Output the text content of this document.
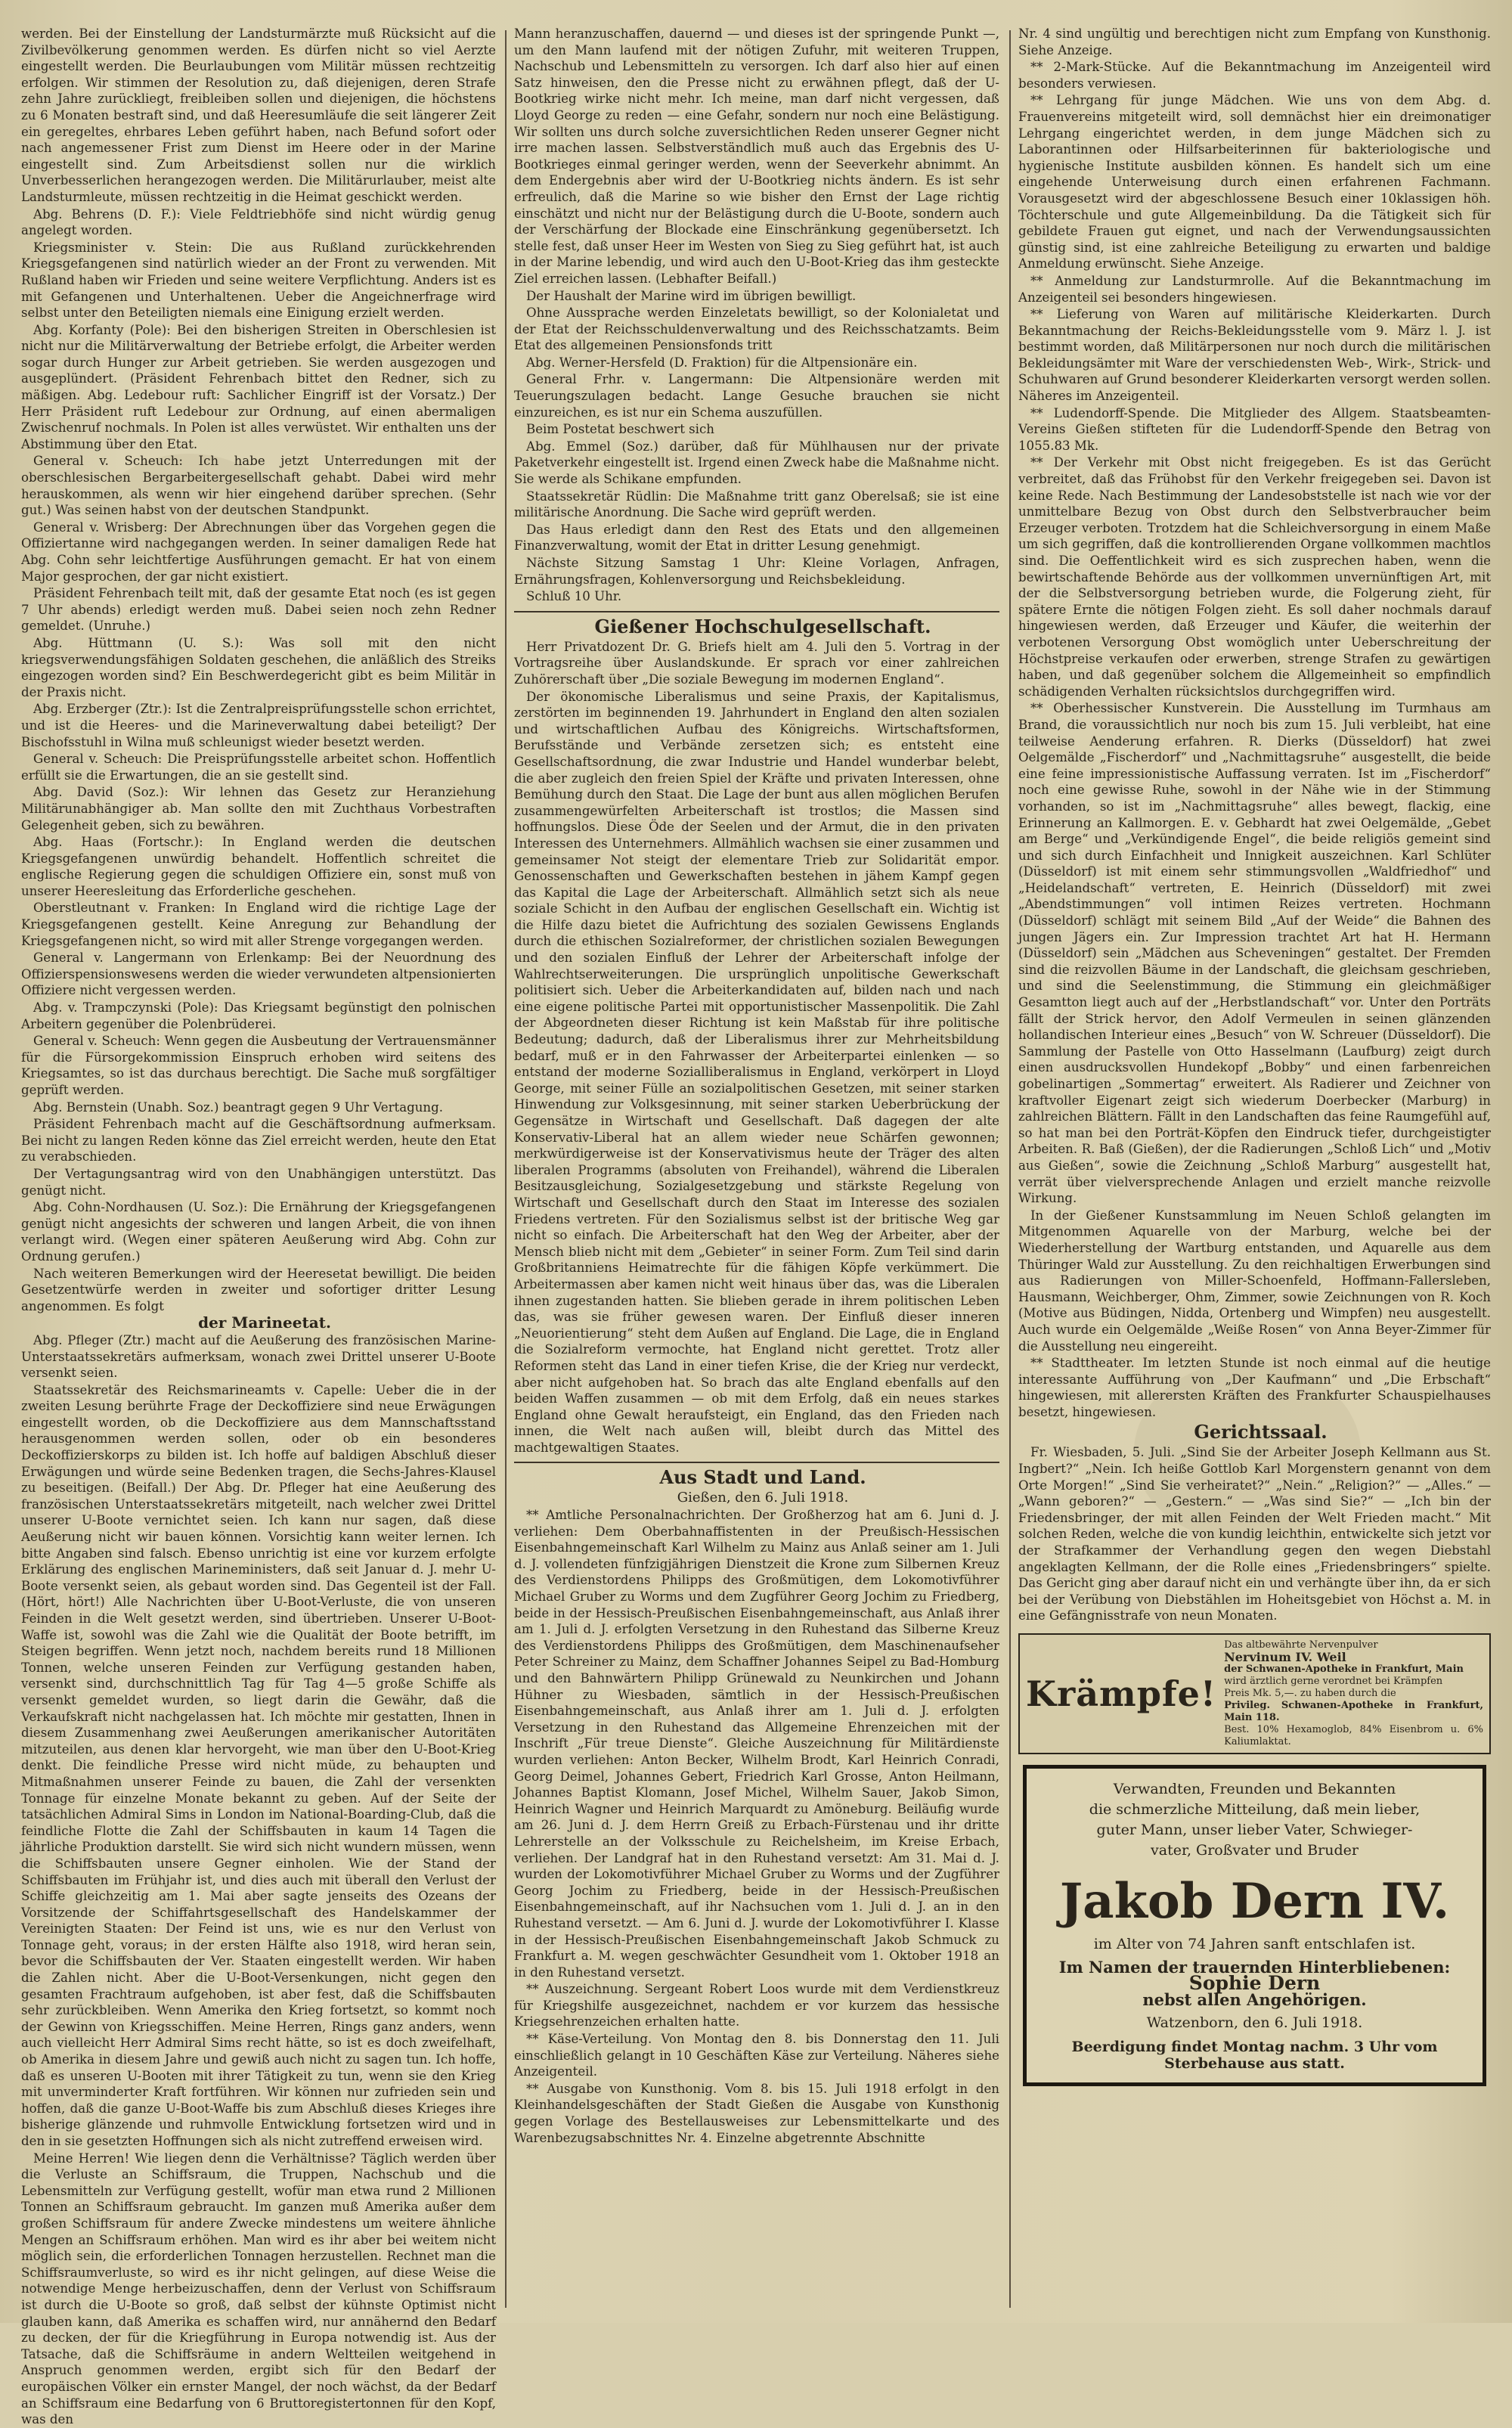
werden. Bei der Einstellung der Landsturmärzte muß Rücksicht auf die Zivilbevölkerung genommen werden. Es dürfen nicht so viel Aerzte eingestellt werden. Die Beurlaubungen vom Militär müssen rechtzeitig erfolgen. Wir stimmen der Resolution zu, daß diejenigen, deren Strafe zehn Jahre zurückliegt, freibleiben sollen und diejenigen, die höchstens zu 6 Monaten bestraft sind, und daß Heeresumläufe die seit längerer Zeit ein geregeltes, ehrbares Leben geführt haben, nach Befund sofort oder nach angemessener Frist zum Dienst im Heere oder in der Marine eingestellt sind. Zum Arbeitsdienst sollen nur die wirklich Unverbesserlichen herangezogen werden. Die Militärurlauber, meist alte Landsturmleute, müssen rechtzeitig in die Heimat geschickt werden.

Abg. Behrens (D. F.): Viele Feldtriebhöfe sind nicht würdig genug angelegt worden.

Kriegsminister v. Stein: Die aus Rußland zurückkehrenden Kriegsgefangenen sind natürlich wieder an der Front zu verwenden. Mit Rußland haben wir Frieden und seine weitere Verpflichtung. Anders ist es mit Gefangenen und Unterhaltenen. Ueber die Angeichnerfrage wird selbst unter den Beteiligten niemals eine Einigung erzielt werden.

Abg. Korfanty (Pole): Bei den bisherigen Streiten in Oberschlesien ist nicht nur die Militärverwaltung der Betriebe erfolgt, die Arbeiter werden sogar durch Hunger zur Arbeit getrieben. Sie werden ausgezogen und ausgeplündert. (Präsident Fehrenbach bittet den Redner, sich zu mäßigen. Abg. Ledebour ruft: Sachlicher Eingriff ist der Vorsatz.) Der Herr Präsident ruft Ledebour zur Ordnung, auf einen abermaligen Zwischenruf nochmals. In Polen ist alles verwüstet. Wir enthalten uns der Abstimmung über den Etat.

General v. Scheuch: Ich habe jetzt Unterredungen mit der oberschlesischen Bergarbeitergesellschaft gehabt. Dabei wird mehr herauskommen, als wenn wir hier eingehend darüber sprechen. (Sehr gut.) Was seinen habst von der deutschen Standpunkt.

General v. Wrisberg: Der Abrechnungen über das Vorgehen gegen die Offiziertanne wird nachgegangen werden. In seiner damaligen Rede hat Abg. Cohn sehr leichtfertige Ausführungen gemacht. Er hat von einem Major gesprochen, der gar nicht existiert.

Präsident Fehrenbach teilt mit, daß der gesamte Etat noch (es ist gegen 7 Uhr abends) erledigt werden muß. Dabei seien noch zehn Redner gemeldet. (Unruhe.)

Abg. Hüttmann (U. S.): Was soll mit den nicht kriegsverwendungsfähigen Soldaten geschehen, die anläßlich des Streiks eingezogen worden sind? Ein Beschwerdegericht gibt es beim Militär in der Praxis nicht.

Abg. Erzberger (Ztr.): Ist die Zentralpreisprüfungsstelle schon errichtet, und ist die Heeres- und die Marineverwaltung dabei beteiligt? Der Bischofsstuhl in Wilna muß schleunigst wieder besetzt werden.

General v. Scheuch: Die Preisprüfungsstelle arbeitet schon. Hoffentlich erfüllt sie die Erwartungen, die an sie gestellt sind.

Abg. David (Soz.): Wir lehnen das Gesetz zur Heranziehung Militärunabhängiger ab. Man sollte den mit Zuchthaus Vorbestraften Gelegenheit geben, sich zu bewähren.

Abg. Haas (Fortschr.): In England werden die deutschen Kriegsgefangenen unwürdig behandelt. Hoffentlich schreitet die englische Regierung gegen die schuldigen Offiziere ein, sonst muß von unserer Heeresleitung das Erforderliche geschehen.

Oberstleutnant v. Franken: In England wird die richtige Lage der Kriegsgefangenen gestellt. Keine Anregung zur Behandlung der Kriegsgefangenen nicht, so wird mit aller Strenge vorgegangen werden.

General v. Langermann von Erlenkamp: Bei der Neuordnung des Offizierspensionswesens werden die wieder verwundeten altpensionierten Offiziere nicht vergessen werden.

Abg. v. Trampczynski (Pole): Das Kriegsamt begünstigt den polnischen Arbeitern gegenüber die Polenbrüderei.

General v. Scheuch: Wenn gegen die Ausbeutung der Vertrauensmänner für die Fürsorgekommission Einspruch erhoben wird seitens des Kriegsamtes, so ist das durchaus berechtigt. Die Sache muß sorgfältiger geprüft werden.

Abg. Bernstein (Unabh. Soz.) beantragt gegen 9 Uhr Vertagung.

Präsident Fehrenbach macht auf die Geschäftsordnung aufmerksam. Bei nicht zu langen Reden könne das Ziel erreicht werden, heute den Etat zu verabschieden.

Der Vertagungsantrag wird von den Unabhängigen unterstützt. Das genügt nicht.

Abg. Cohn-Nordhausen (U. Soz.): Die Ernährung der Kriegsgefangenen genügt nicht angesichts der schweren und langen Arbeit, die von ihnen verlangt wird. (Wegen einer späteren Aeußerung wird Abg. Cohn zur Ordnung gerufen.)

Nach weiteren Bemerkungen wird der Heeresetat bewilligt. Die beiden Gesetzentwürfe werden in zweiter und sofortiger dritter Lesung angenommen. Es folgt

der Marineetat.

Abg. Pfleger (Ztr.) macht auf die Aeußerung des französischen Marine-Unterstaatssekretärs aufmerksam, wonach zwei Drittel unserer U-Boote versenkt seien.

Staatssekretär des Reichsmarineamts v. Capelle: Ueber die in der zweiten Lesung berührte Frage der Deckoffiziere sind neue Erwägungen eingestellt worden, ob die Deckoffiziere aus dem Mannschaftsstand herausgenommen werden sollen, oder ob ein besonderes Deckoffizierskorps zu bilden ist. Ich hoffe auf baldigen Abschluß dieser Erwägungen und würde seine Bedenken tragen, die Sechs-Jahres-Klausel zu beseitigen. (Beifall.) Der Abg. Dr. Pfleger hat eine Aeußerung des französischen Unterstaatssekretärs mitgeteilt, nach welcher zwei Drittel unserer U-Boote vernichtet seien. Ich kann nur sagen, daß diese Aeußerung nicht wir bauen können. Vorsichtig kann weiter lernen. Ich bitte Angaben sind falsch. Ebenso unrichtig ist eine vor kurzem erfolgte Erklärung des englischen Marineministers, daß seit Januar d. J. mehr U-Boote versenkt seien, als gebaut worden sind. Das Gegenteil ist der Fall. (Hört, hört!) Alle Nachrichten über U-Boot-Verluste, die von unseren Feinden in die Welt gesetzt werden, sind übertrieben. Unserer U-Boot-Waffe ist, sowohl was die Zahl wie die Qualität der Boote betrifft, im Steigen begriffen. Wenn jetzt noch, nachdem bereits rund 18 Millionen Tonnen, welche unseren Feinden zur Verfügung gestanden haben, versenkt sind, durchschnittlich Tag für Tag 4—5 große Schiffe als versenkt gemeldet wurden, so liegt darin die Gewähr, daß die Verkaufskraft nicht nachgelassen hat. Ich möchte mir gestatten, Ihnen in diesem Zusammenhang zwei Aeußerungen amerikanischer Autoritäten mitzuteilen, aus denen klar hervorgeht, wie man über den U-Boot-Krieg denkt. Die feindliche Presse wird nicht müde, zu behaupten und Mitmaßnahmen unserer Feinde zu bauen, die Zahl der versenkten Tonnage für einzelne Monate bekannt zu geben. Auf der Seite der tatsächlichen Admiral Sims in London im National-Boarding-Club, daß die feindliche Flotte die Zahl der Schiffsbauten in kaum 14 Tagen die jährliche Produktion darstellt. Sie wird sich nicht wundern müssen, wenn die Schiffsbauten unsere Gegner einholen. Wie der Stand der Schiffsbauten im Frühjahr ist, und dies auch mit überall den Verlust der Schiffe gleichzeitig am 1. Mai aber sagte jenseits des Ozeans der Vorsitzende der Schiffahrtsgesellschaft des Handelskammer der Vereinigten Staaten: Der Feind ist uns, wie es nur den Verlust von Tonnage geht, voraus; in der ersten Hälfte also 1918, wird heran sein, bevor die Schiffsbauten der Ver. Staaten eingestellt werden. Wir haben die Zahlen nicht. Aber die U-Boot-Versenkungen, nicht gegen den gesamten Frachtraum aufgehoben, ist aber fest, daß die Schiffsbauten sehr zurückbleiben. Wenn Amerika den Krieg fortsetzt, so kommt noch der Gewinn von Kriegsschiffen. Meine Herren, Rings ganz anders, wenn auch vielleicht Herr Admiral Sims recht hätte, so ist es doch zweifelhaft, ob Amerika in diesem Jahre und gewiß auch nicht zu sagen tun. Ich hoffe, daß es unseren U-Booten mit ihrer Tätigkeit zu tun, wenn sie den Krieg mit unverminderter Kraft fortführen. Wir können nur zufrieden sein und hoffen, daß die ganze U-Boot-Waffe bis zum Abschluß dieses Krieges ihre bisherige glänzende und ruhmvolle Entwicklung fortsetzen wird und in den in sie gesetzten Hoffnungen sich als nicht zutreffend erweisen wird.

Meine Herren! Wie liegen denn die Verhältnisse? Täglich werden über die Verluste an Schiffsraum, die Truppen, Nachschub und die Lebensmitteln zur Verfügung gestellt, wofür man etwa rund 2 Millionen Tonnen an Schiffsraum gebraucht. Im ganzen muß Amerika außer dem großen Schiffsraum für andere Zwecke mindestens um weitere ähnliche Mengen an Schiffsraum erhöhen. Man wird es ihr aber bei weitem nicht möglich sein, die erforderlichen Tonnagen herzustellen. Rechnet man die Schiffsraumverluste, so wird es ihr nicht gelingen, auf diese Weise die notwendige Menge herbeizuschaffen, denn der Verlust von Schiffsraum ist durch die U-Boote so groß, daß selbst der kühnste Optimist nicht glauben kann, daß Amerika es schaffen wird, nur annähernd den Bedarf zu decken, der für die Kriegführung in Europa notwendig ist. Aus der Tatsache, daß die Schiffsräume in andern Weltteilen weitgehend in Anspruch genommen werden, ergibt sich für den Bedarf der europäischen Völker ein ernster Mangel, der noch wächst, da der Bedarf an Schiffsraum eine Bedarfung von 6 Bruttoregistertonnen für den Kopf, was den

Mann heranzuschaffen, dauernd — und dieses ist der springende Punkt —, um den Mann laufend mit der nötigen Zufuhr, mit weiteren Truppen, Nachschub und Lebensmitteln zu versorgen. Ich darf also hier auf einen Satz hinweisen, den die Presse nicht zu erwähnen pflegt, daß der U-Bootkrieg wirke nicht mehr. Ich meine, man darf nicht vergessen, daß Lloyd George zu reden — eine Gefahr, sondern nur noch eine Belästigung. Wir sollten uns durch solche zuversichtlichen Reden unserer Gegner nicht irre machen lassen. Selbstverständlich muß auch das Ergebnis des U-Bootkrieges einmal geringer werden, wenn der Seeverkehr abnimmt. An dem Endergebnis aber wird der U-Bootkrieg nichts ändern. Es ist sehr erfreulich, daß die Marine so wie bisher den Ernst der Lage richtig einschätzt und nicht nur der Belästigung durch die U-Boote, sondern auch der Verschärfung der Blockade eine Einschränkung gegenübersetzt. Ich stelle fest, daß unser Heer im Westen von Sieg zu Sieg geführt hat, ist auch in der Marine lebendig, und wird auch den U-Boot-Krieg das ihm gesteckte Ziel erreichen lassen. (Lebhafter Beifall.)

Der Haushalt der Marine wird im übrigen bewilligt.

Ohne Aussprache werden Einzeletats bewilligt, so der Kolonialetat und der Etat der Reichsschuldenverwaltung und des Reichsschatzamts. Beim Etat des allgemeinen Pensionsfonds tritt

Abg. Werner-Hersfeld (D. Fraktion) für die Altpensionäre ein.

General Frhr. v. Langermann: Die Altpensionäre werden mit Teuerungszulagen bedacht. Lange Gesuche brauchen sie nicht einzureichen, es ist nur ein Schema auszufüllen.

Beim Postetat beschwert sich

Abg. Emmel (Soz.) darüber, daß für Mühlhausen nur der private Paketverkehr eingestellt ist. Irgend einen Zweck habe die Maßnahme nicht. Sie werde als Schikane empfunden.

Staatssekretär Rüdlin: Die Maßnahme tritt ganz Oberelsaß; sie ist eine militärische Anordnung. Die Sache wird geprüft werden.

Das Haus erledigt dann den Rest des Etats und den allgemeinen Finanzverwaltung, womit der Etat in dritter Lesung genehmigt.

Nächste Sitzung Samstag 1 Uhr: Kleine Vorlagen, Anfragen, Ernährungsfragen, Kohlenversorgung und Reichsbekleidung.

Schluß 10 Uhr.

Gießener Hochschulgesellschaft.

Herr Privatdozent Dr. G. Briefs hielt am 4. Juli den 5. Vortrag in der Vortragsreihe über Auslandskunde. Er sprach vor einer zahlreichen Zuhörerschaft über „Die soziale Bewegung im modernen England“.

Der ökonomische Liberalismus und seine Praxis, der Kapitalismus, zerstörten im beginnenden 19. Jahrhundert in England den alten sozialen und wirtschaftlichen Aufbau des Königreichs. Wirtschaftsformen, Berufsstände und Verbände zersetzen sich; es entsteht eine Gesellschaftsordnung, die zwar Industrie und Handel wunderbar belebt, die aber zugleich den freien Spiel der Kräfte und privaten Interessen, ohne Bemühung durch den Staat. Die Lage der bunt aus allen möglichen Berufen zusammengewürfelten Arbeiterschaft ist trostlos; die Massen sind hoffnungslos. Diese Öde der Seelen und der Armut, die in den privaten Interessen des Unternehmers. Allmählich wachsen sie einer zusammen und gemeinsamer Not steigt der elementare Trieb zur Solidarität empor. Genossenschaften und Gewerkschaften bestehen in jähem Kampf gegen das Kapital die Lage der Arbeiterschaft. Allmählich setzt sich als neue soziale Schicht in den Aufbau der englischen Gesellschaft ein. Wichtig ist die Hilfe dazu bietet die Aufrichtung des sozialen Gewissens Englands durch die ethischen Sozialreformer, der christlichen sozialen Bewegungen und den sozialen Einfluß der Lehrer der Arbeiterschaft infolge der Wahlrechtserweiterungen. Die ursprünglich unpolitische Gewerkschaft politisiert sich. Ueber die Arbeiterkandidaten auf, bilden nach und nach eine eigene politische Partei mit opportunistischer Massenpolitik. Die Zahl der Abgeordneten dieser Richtung ist kein Maßstab für ihre politische Bedeutung; dadurch, daß der Liberalismus ihrer zur Mehrheitsbildung bedarf, muß er in den Fahrwasser der Arbeiterpartei einlenken — so entstand der moderne Sozialliberalismus in England, verkörpert in Lloyd George, mit seiner Fülle an sozialpolitischen Gesetzen, mit seiner starken Hinwendung zur Volksgesinnung, mit seiner starken Ueberbrückung der Gegensätze in Wirtschaft und Gesellschaft. Daß dagegen der alte Konservativ-Liberal hat an allem wieder neue Schärfen gewonnen; merkwürdigerweise ist der Konservativismus heute der Träger des alten liberalen Programms (absoluten von Freihandel), während die Liberalen Besitzausgleichung, Sozialgesetzgebung und stärkste Regelung von Wirtschaft und Gesellschaft durch den Staat im Interesse des sozialen Friedens vertreten. Für den Sozialismus selbst ist der britische Weg gar nicht so einfach. Die Arbeiterschaft hat den Weg der Arbeiter, aber der Mensch blieb nicht mit dem „Gebieter“ in seiner Form. Zum Teil sind darin Großbritanniens Heimatrechte für die fähigen Köpfe verkümmert. Die Arbeitermassen aber kamen nicht weit hinaus über das, was die Liberalen ihnen zugestanden hatten. Sie blieben gerade in ihrem politischen Leben das, was sie früher gewesen waren. Der Einfluß dieser inneren „Neuorientierung“ steht dem Außen auf England. Die Lage, die in England die Sozialreform vermochte, hat England nicht gerettet. Trotz aller Reformen steht das Land in einer tiefen Krise, die der Krieg nur verdeckt, aber nicht aufgehoben hat. So brach das alte England ebenfalls auf den beiden Waffen zusammen — ob mit dem Erfolg, daß ein neues starkes England ohne Gewalt heraufsteigt, ein England, das den Frieden nach innen, die Welt nach außen will, bleibt durch das Mittel des machtgewaltigen Staates.

Aus Stadt und Land.

Gießen, den 6. Juli 1918.

** Amtliche Personalnachrichten. Der Großherzog hat am 6. Juni d. J. verliehen: Dem Oberbahnaffistenten in der Preußisch-Hessischen Eisenbahngemeinschaft Karl Wilhelm zu Mainz aus Anlaß seiner am 1. Juli d. J. vollendeten fünfzigjährigen Dienstzeit die Krone zum Silbernen Kreuz des Verdienstordens Philipps des Großmütigen, dem Lokomotivführer Michael Gruber zu Worms und dem Zugführer Georg Jochim zu Friedberg, beide in der Hessisch-Preußischen Eisenbahngemeinschaft, aus Anlaß ihrer am 1. Juli d. J. erfolgten Versetzung in den Ruhestand das Silberne Kreuz des Verdienstordens Philipps des Großmütigen, dem Maschinenaufseher Peter Schreiner zu Mainz, dem Schaffner Johannes Seipel zu Bad-Homburg und den Bahnwärtern Philipp Grünewald zu Neunkirchen und Johann Hühner zu Wiesbaden, sämtlich in der Hessisch-Preußischen Eisenbahngemeinschaft, aus Anlaß ihrer am 1. Juli d. J. erfolgten Versetzung in den Ruhestand das Allgemeine Ehrenzeichen mit der Inschrift „Für treue Dienste“. Gleiche Auszeichnung für Militärdienste wurden verliehen: Anton Becker, Wilhelm Brodt, Karl Heinrich Conradi, Georg Deimel, Johannes Gebert, Friedrich Karl Grosse, Anton Heilmann, Johannes Baptist Klomann, Josef Michel, Wilhelm Sauer, Jakob Simon, Heinrich Wagner und Heinrich Marquardt zu Amöneburg. Beiläufig wurde am 26. Juni d. J. dem Herrn Greiß zu Erbach-Fürstenau und ihr dritte Lehrerstelle an der Volksschule zu Reichelsheim, im Kreise Erbach, verliehen. Der Landgraf hat in den Ruhestand versetzt: Am 31. Mai d. J. wurden der Lokomotivführer Michael Gruber zu Worms und der Zugführer Georg Jochim zu Friedberg, beide in der Hessisch-Preußischen Eisenbahngemeinschaft, auf ihr Nachsuchen vom 1. Juli d. J. an in den Ruhestand versetzt. — Am 6. Juni d. J. wurde der Lokomotivführer I. Klasse in der Hessisch-Preußischen Eisenbahngemeinschaft Jakob Schmuck zu Frankfurt a. M. wegen geschwächter Gesundheit vom 1. Oktober 1918 an in den Ruhestand versetzt.

** Auszeichnung. Sergeant Robert Loos wurde mit dem Verdienstkreuz für Kriegshilfe ausgezeichnet, nachdem er vor kurzem das hessische Kriegsehrenzeichen erhalten hatte.

** Käse-Verteilung. Von Montag den 8. bis Donnerstag den 11. Juli einschließlich gelangt in 10 Geschäften Käse zur Verteilung. Näheres siehe Anzeigenteil.

** Ausgabe von Kunsthonig. Vom 8. bis 15. Juli 1918 erfolgt in den Kleinhandelsgeschäften der Stadt Gießen die Ausgabe von Kunsthonig gegen Vorlage des Bestellausweises zur Lebensmittelkarte und des Warenbezugsabschnittes Nr. 4. Einzelne abgetrennte Abschnitte

Nr. 4 sind ungültig und berechtigen nicht zum Empfang von Kunsthonig. Siehe Anzeige.

** 2-Mark-Stücke. Auf die Bekanntmachung im Anzeigenteil wird besonders verwiesen.

** Lehrgang für junge Mädchen. Wie uns von dem Abg. d. Frauenvereins mitgeteilt wird, soll demnächst hier ein dreimonatiger Lehrgang eingerichtet werden, in dem junge Mädchen sich zu Laborantinnen oder Hilfsarbeiterinnen für bakteriologische und hygienische Institute ausbilden können. Es handelt sich um eine eingehende Unterweisung durch einen erfahrenen Fachmann. Vorausgesetzt wird der abgeschlossene Besuch einer 10klassigen höh. Töchterschule und gute Allgemeinbildung. Da die Tätigkeit sich für gebildete Frauen gut eignet, und nach der Verwendungsaussichten günstig sind, ist eine zahlreiche Beteiligung zu erwarten und baldige Anmeldung erwünscht. Siehe Anzeige.

** Anmeldung zur Landsturmrolle. Auf die Bekanntmachung im Anzeigenteil sei besonders hingewiesen.

** Lieferung von Waren auf militärische Kleiderkarten. Durch Bekanntmachung der Reichs-Bekleidungsstelle vom 9. März l. J. ist bestimmt worden, daß Militärpersonen nur noch durch die militärischen Bekleidungsämter mit Ware der verschiedensten Web-, Wirk-, Strick- und Schuhwaren auf Grund besonderer Kleiderkarten versorgt werden sollen. Näheres im Anzeigenteil.

** Ludendorff-Spende. Die Mitglieder des Allgem. Staatsbeamten-Vereins Gießen stifteten für die Ludendorff-Spende den Betrag von 1055.83 Mk.

** Der Verkehr mit Obst nicht freigegeben. Es ist das Gerücht verbreitet, daß das Frühobst für den Verkehr freigegeben sei. Davon ist keine Rede. Nach Bestimmung der Landesobststelle ist nach wie vor der unmittelbare Bezug von Obst durch den Selbstverbraucher beim Erzeuger verboten. Trotzdem hat die Schleichversorgung in einem Maße um sich gegriffen, daß die kontrollierenden Organe vollkommen machtlos sind. Die Oeffentlichkeit wird es sich zusprechen haben, wenn die bewirtschaftende Behörde aus der vollkommen unvernünftigen Art, mit der die Selbstversorgung betrieben wurde, die Folgerung zieht, für spätere Ernte die nötigen Folgen zieht. Es soll daher nochmals darauf hingewiesen werden, daß Erzeuger und Käufer, die weiterhin der verbotenen Versorgung Obst womöglich unter Ueberschreitung der Höchstpreise verkaufen oder erwerben, strenge Strafen zu gewärtigen haben, und daß gegenüber solchem die Allgemeinheit so empfindlich schädigenden Verhalten rücksichtslos durchgegriffen wird.

** Oberhessischer Kunstverein. Die Ausstellung im Turmhaus am Brand, die voraussichtlich nur noch bis zum 15. Juli verbleibt, hat eine teilweise Aenderung erfahren. R. Dierks (Düsseldorf) hat zwei Oelgemälde „Fischerdorf“ und „Nachmittagsruhe“ ausgestellt, die beide eine feine impressionistische Auffassung verraten. Ist im „Fischerdorf“ noch eine gewisse Ruhe, sowohl in der Nähe wie in der Stimmung vorhanden, so ist im „Nachmittagsruhe“ alles bewegt, flackig, eine Erinnerung an Kallmorgen. E. v. Gebhardt hat zwei Oelgemälde, „Gebet am Berge“ und „Verkündigende Engel“, die beide religiös gemeint sind und sich durch Einfachheit und Innigkeit auszeichnen. Karl Schlüter (Düsseldorf) ist mit einem sehr stimmungsvollen „Waldfriedhof“ und „Heidelandschaft“ vertreten, E. Heinrich (Düsseldorf) mit zwei „Abendstimmungen“ voll intimen Reizes vertreten. Hochmann (Düsseldorf) schlägt mit seinem Bild „Auf der Weide“ die Bahnen des jungen Jägers ein. Zur Impression trachtet Art hat H. Hermann (Düsseldorf) sein „Mädchen aus Scheveningen“ gestaltet. Der Fremden sind die reizvollen Bäume in der Landschaft, die gleichsam geschrieben, und sind die Seelenstimmung, die Stimmung ein gleichmäßiger Gesamtton liegt auch auf der „Herbstlandschaft“ vor. Unter den Porträts fällt der Strick hervor, den Adolf Vermeulen in seinen glänzenden hollandischen Interieur eines „Besuch“ von W. Schreuer (Düsseldorf). Die Sammlung der Pastelle von Otto Hasselmann (Laufburg) zeigt durch einen ausdrucksvollen Hundekopf „Bobby“ und einen farbenreichen gobelinartigen „Sommertag“ erweitert. Als Radierer und Zeichner von kraftvoller Eigenart zeigt sich wiederum Doerbecker (Marburg) in zahlreichen Blättern. Fällt in den Landschaften das feine Raumgefühl auf, so hat man bei den Porträt-Köpfen den Eindruck tiefer, durchgeistigter Arbeiten. R. Baß (Gießen), der die Radierungen „Schloß Lich“ und „Motiv aus Gießen“, sowie die Zeichnung „Schloß Marburg“ ausgestellt hat, verrät über vielversprechende Anlagen und erzielt manche reizvolle Wirkung.

In der Gießener Kunstsammlung im Neuen Schloß gelangten im Mitgenommen Aquarelle von der Marburg, welche bei der Wiederherstellung der Wartburg entstanden, und Aquarelle aus dem Thüringer Wald zur Ausstellung. Zu den reichhaltigen Erwerbungen sind aus Radierungen von Miller-Schoenfeld, Hoffmann-Fallersleben, Hausmann, Weichberger, Ohm, Zimmer, sowie Zeichnungen von R. Koch (Motive aus Büdingen, Nidda, Ortenberg und Wimpfen) neu ausgestellt. Auch wurde ein Oelgemälde „Weiße Rosen“ von Anna Beyer-Zimmer für die Ausstellung neu eingereiht.

** Stadttheater. Im letzten Stunde ist noch einmal auf die heutige interessante Aufführung von „Der Kaufmann“ und „Die Erbschaft“ hingewiesen, mit allerersten Kräften des Frankfurter Schauspielhauses besetzt, hingewiesen.

Gerichtssaal.

Fr. Wiesbaden, 5. Juli. „Sind Sie der Arbeiter Joseph Kellmann aus St. Ingbert?“ „Nein. Ich heiße Gottlob Karl Morgenstern genannt von dem Orte Morgen!“ „Sind Sie verheiratet?“ „Nein.“ „Religion?“ — „Alles.“ — „Wann geboren?“ — „Gestern.“ — „Was sind Sie?“ — „Ich bin der Friedensbringer, der mit allen Feinden der Welt Frieden macht.“ Mit solchen Reden, welche die von kundig leichthin, entwickelte sich jetzt vor der Strafkammer der Verhandlung gegen den wegen Diebstahl angeklagten Kellmann, der die Rolle eines „Friedensbringers“ spielte. Das Gericht ging aber darauf nicht ein und verhängte über ihn, da er sich bei der Verübung von Diebstählen im Hoheitsgebiet von Höchst a. M. in eine Gefängnisstrafe von neun Monaten.

Krämpfe!
Das altbewährte Nervenpulver
Nervinum IV. Weil
der Schwanen-Apotheke in Frankfurt, Main
wird ärztlich gerne verordnet bei Krämpfen
Preis Mk. 5,—. zu haben durch die
Privileg. Schwanen-Apotheke in Frankfurt, Main 118.
Best. 10% Hexamoglob, 84% Eisenbrom u. 6% Kaliumlaktat.
Verwandten, Freunden und Bekannten
die schmerzliche Mitteilung, daß mein lieber,
guter Mann, unser lieber Vater, Schwieger-
vater, Großvater und Bruder
Jakob Dern IV.
im Alter von 74 Jahren sanft entschlafen ist.
Im Namen der trauernden Hinterbliebenen:
Sophie Dern
nebst allen Angehörigen.
Watzenborn, den 6. Juli 1918.
Beerdigung findet Montag nachm. 3 Uhr vom Sterbehause aus statt.
